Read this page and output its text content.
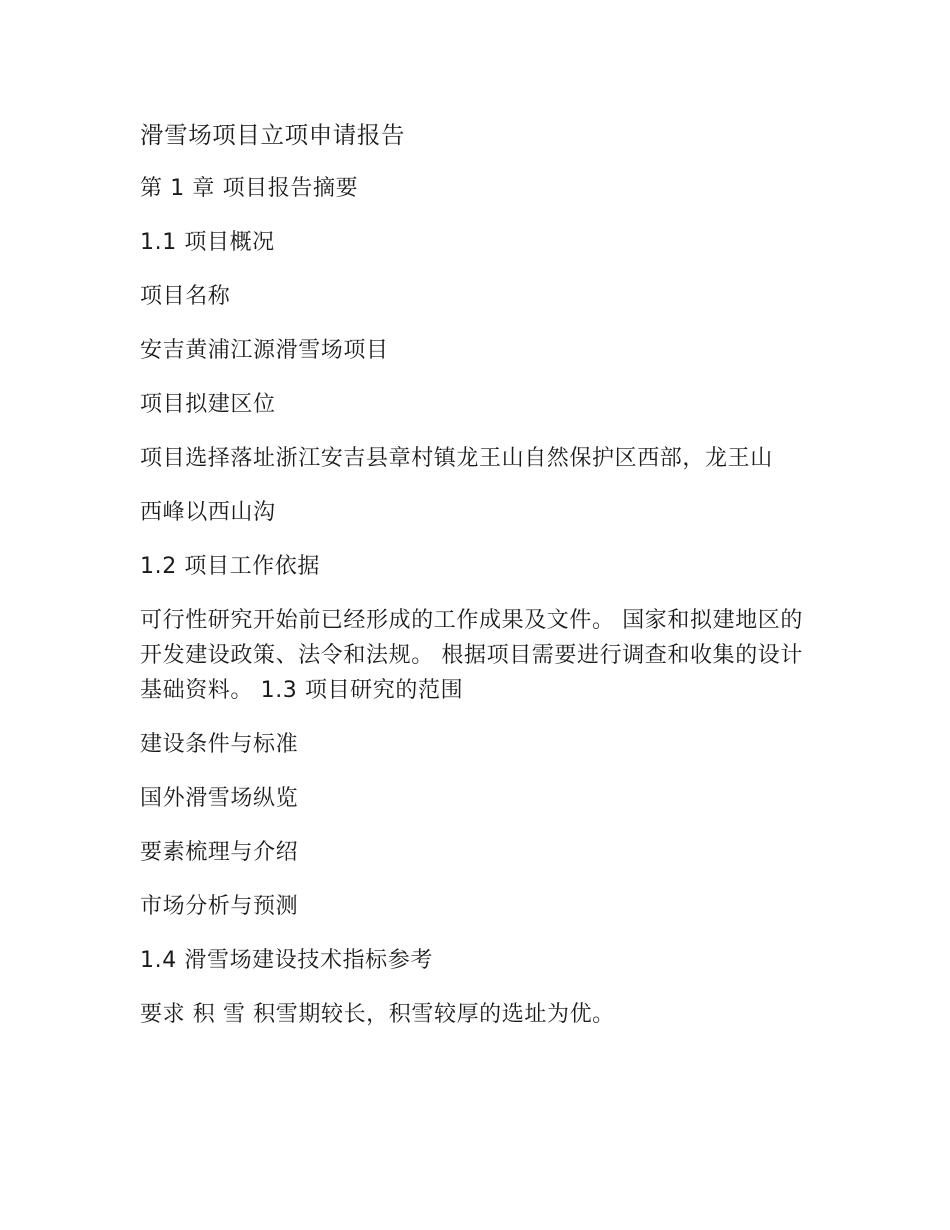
滑雪场项目立项申请报告

第 1 章 项目报告摘要

1.1 项目概况

项目名称

安吉黄浦江源滑雪场项目

项目拟建区位

项目选择落址浙江安吉县章村镇龙王山自然保护区西部，龙王山

西峰以西山沟

1.2 项目工作依据

可行性研究开始前已经形成的工作成果及文件。 国家和拟建地区的开发建设政策、法令和法规。 根据项目需要进行调查和收集的设计基础资料。 1.3 项目研究的范围

建设条件与标准

国外滑雪场纵览

要素梳理与介绍

市场分析与预测

1.4 滑雪场建设技术指标参考

要求 积 雪 积雪期较长，积雪较厚的选址为优。
